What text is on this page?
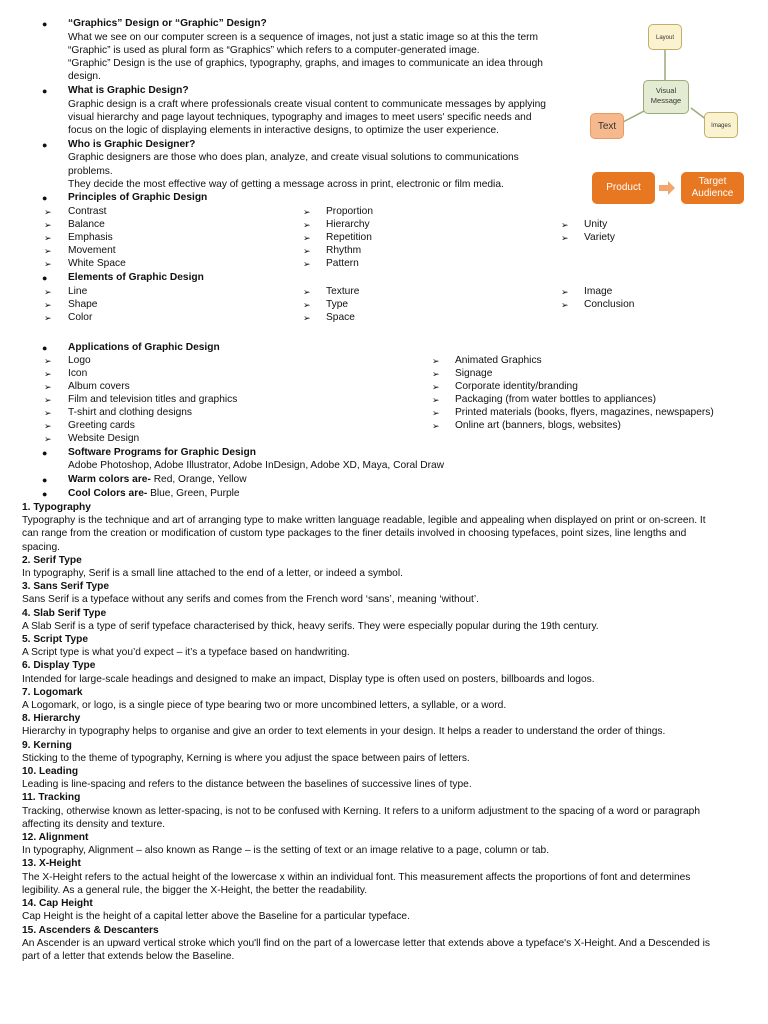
● “Graphics” Design or “Graphic” Design?
What we see on our computer screen is a sequence of images, not just a static image so at this the term
“Graphic” is used as plural form as “Graphics” which refers to a computer-generated image.
“Graphic” Design is the use of graphics, typography, graphs, and images to communicate an idea through
design.
● What is Graphic Design?
Graphic design is a craft where professionals create visual content to communicate messages by applying
visual hierarchy and page layout techniques, typography and images to meet users' specific needs and
focus on the logic of displaying elements in interactive designs, to optimize the user experience.
● Who is Graphic Designer?
Graphic designers are those who does plan, analyze, and create visual solutions to communications
problems.
They decide the most effective way of getting a message across in print, electronic or film media.
● Principles of Graphic Design
➢ Contrast
➢ Balance
➢ Emphasis
➢ Movement
➢ White Space
➢ Proportion
➢ Hierarchy
➢ Repetition
➢ Rhythm
➢ Pattern
➢ Unity
➢ Variety
● Elements of Graphic Design
➢ Line
➢ Shape
➢ Color
➢ Texture
➢ Type
➢ Space
➢ Image
➢ Conclusion
● Applications of Graphic Design
➢ Logo
➢ Icon
➢ Album covers
➢ Film and television titles and graphics
➢ T-shirt and clothing designs
➢ Greeting cards
➢ Website Design
➢ Animated Graphics
➢ Signage
➢ Corporate identity/branding
➢ Packaging (from water bottles to appliances)
➢ Printed materials (books, flyers, magazines, newspapers)
➢ Online art (banners, blogs, websites)
● Software Programs for Graphic Design
Adobe Photoshop, Adobe Illustrator, Adobe InDesign, Adobe XD, Maya, Coral Draw
● Warm colors are- Red, Orange, Yellow
● Cool Colors are- Blue, Green, Purple
1. Typography
Typography is the technique and art of arranging type to make written language readable, legible and appealing when displayed on print or on-screen. It
can range from the creation or modification of custom type packages to the finer details involved in choosing typefaces, point sizes, line lengths and
spacing.
2. Serif Type
In typography, Serif is a small line attached to the end of a letter, or indeed a symbol.
3. Sans Serif Type
Sans Serif is a typeface without any serifs and comes from the French word ‘sans’, meaning ‘without’.
4. Slab Serif Type
A Slab Serif is a type of serif typeface characterised by thick, heavy serifs. They were especially popular during the 19th century.
5. Script Type
A Script type is what you’d expect – it’s a typeface based on handwriting.
6. Display Type
Intended for large-scale headings and designed to make an impact, Display type is often used on posters, billboards and logos.
7. Logomark
A Logomark, or logo, is a single piece of type bearing two or more uncombined letters, a syllable, or a word.
8. Hierarchy
Hierarchy in typography helps to organise and give an order to text elements in your design. It helps a reader to understand the order of things.
9. Kerning
Sticking to the theme of typography, Kerning is where you adjust the space between pairs of letters.
10. Leading
Leading is line-spacing and refers to the distance between the baselines of successive lines of type.
11. Tracking
Tracking, otherwise known as letter-spacing, is not to be confused with Kerning. It refers to a uniform adjustment to the spacing of a word or paragraph
affecting its density and texture.
12. Alignment
In typography, Alignment – also known as Range – is the setting of text or an image relative to a page, column or tab.
13. X-Height
The X-Height refers to the actual height of the lowercase x within an individual font. This measurement affects the proportions of font and determines
legibility. As a general rule, the bigger the X-Height, the better the readability.
14. Cap Height
Cap Height is the height of a capital letter above the Baseline for a particular typeface.
15. Ascenders & Descanters
An Ascender is an upward vertical stroke which you'll find on the part of a lowercase letter that extends above a typeface's X-Height. And a Descended is
part of a letter that extends below the Baseline.
Layout
Visual Message
Text	Images
Product
Target Audience
